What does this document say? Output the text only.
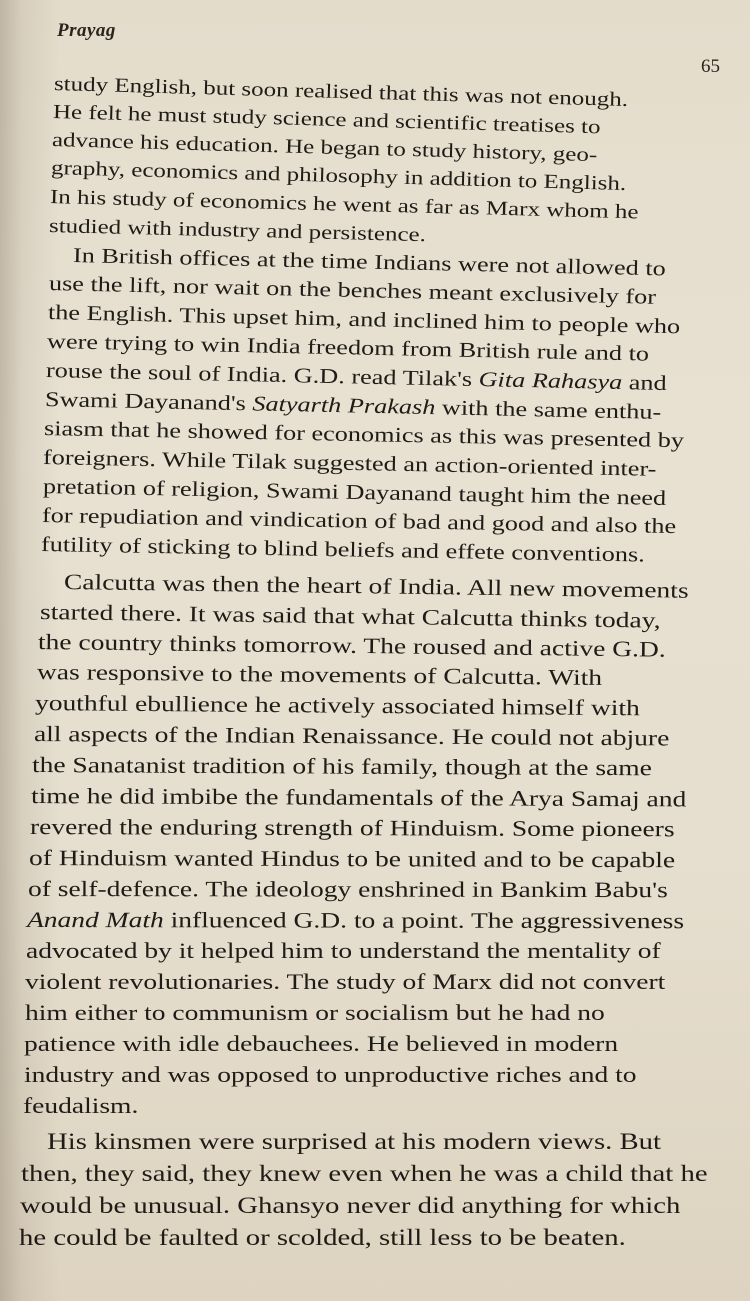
Prayag
65
study English, but soon realised that this was not enough.
He felt he must study science and scientific treatises to
advance his education. He began to study history, geo-
graphy, economics and philosophy in addition to English.
In his study of economics he went as far as Marx whom he
studied with industry and persistence.
In British offices at the time Indians were not allowed to
use the lift, nor wait on the benches meant exclusively for
the English. This upset him, and inclined him to people who
were trying to win India freedom from British rule and to
rouse the soul of India. G.D. read Tilak's Gita Rahasya and
Swami Dayanand's Satyarth Prakash with the same enthu-
siasm that he showed for economics as this was presented by
foreigners. While Tilak suggested an action-oriented inter-
pretation of religion, Swami Dayanand taught him the need
for repudiation and vindication of bad and good and also the
futility of sticking to blind beliefs and effete conventions.
Calcutta was then the heart of India. All new movements
started there. It was said that what Calcutta thinks today,
the country thinks tomorrow. The roused and active G.D.
was responsive to the movements of Calcutta. With
youthful ebullience he actively associated himself with
all aspects of the Indian Renaissance. He could not abjure
the Sanatanist tradition of his family, though at the same
time he did imbibe the fundamentals of the Arya Samaj and
revered the enduring strength of Hinduism. Some pioneers
of Hinduism wanted Hindus to be united and to be capable
of self-defence. The ideology enshrined in Bankim Babu's
Anand Math influenced G.D. to a point. The aggressiveness
advocated by it helped him to understand the mentality of
violent revolutionaries. The study of Marx did not convert
him either to communism or socialism but he had no
patience with idle debauchees. He believed in modern
industry and was opposed to unproductive riches and to
feudalism.
His kinsmen were surprised at his modern views. But
then, they said, they knew even when he was a child that he
would be unusual. Ghansyo never did anything for which
he could be faulted or scolded, still less to be beaten.
